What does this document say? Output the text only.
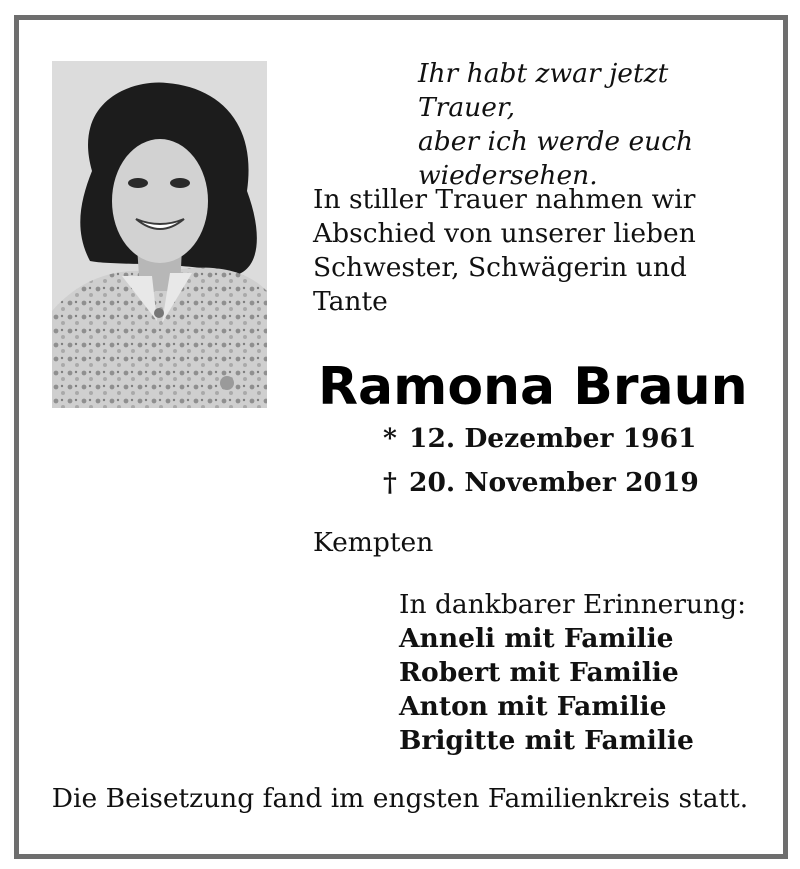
Ihr habt zwar jetzt Trauer,
aber ich werde euch
wiedersehen.
In stiller Trauer nahmen wir
Abschied von unserer lieben
Schwester, Schwägerin und
Tante
Ramona Braun
* 12. Dezember 1961
† 20. November 2019
Kempten
In dankbarer Erinnerung:
Anneli mit Familie
Robert mit Familie
Anton mit Familie
Brigitte mit Familie
Die Beisetzung fand im engsten Familienkreis statt.
